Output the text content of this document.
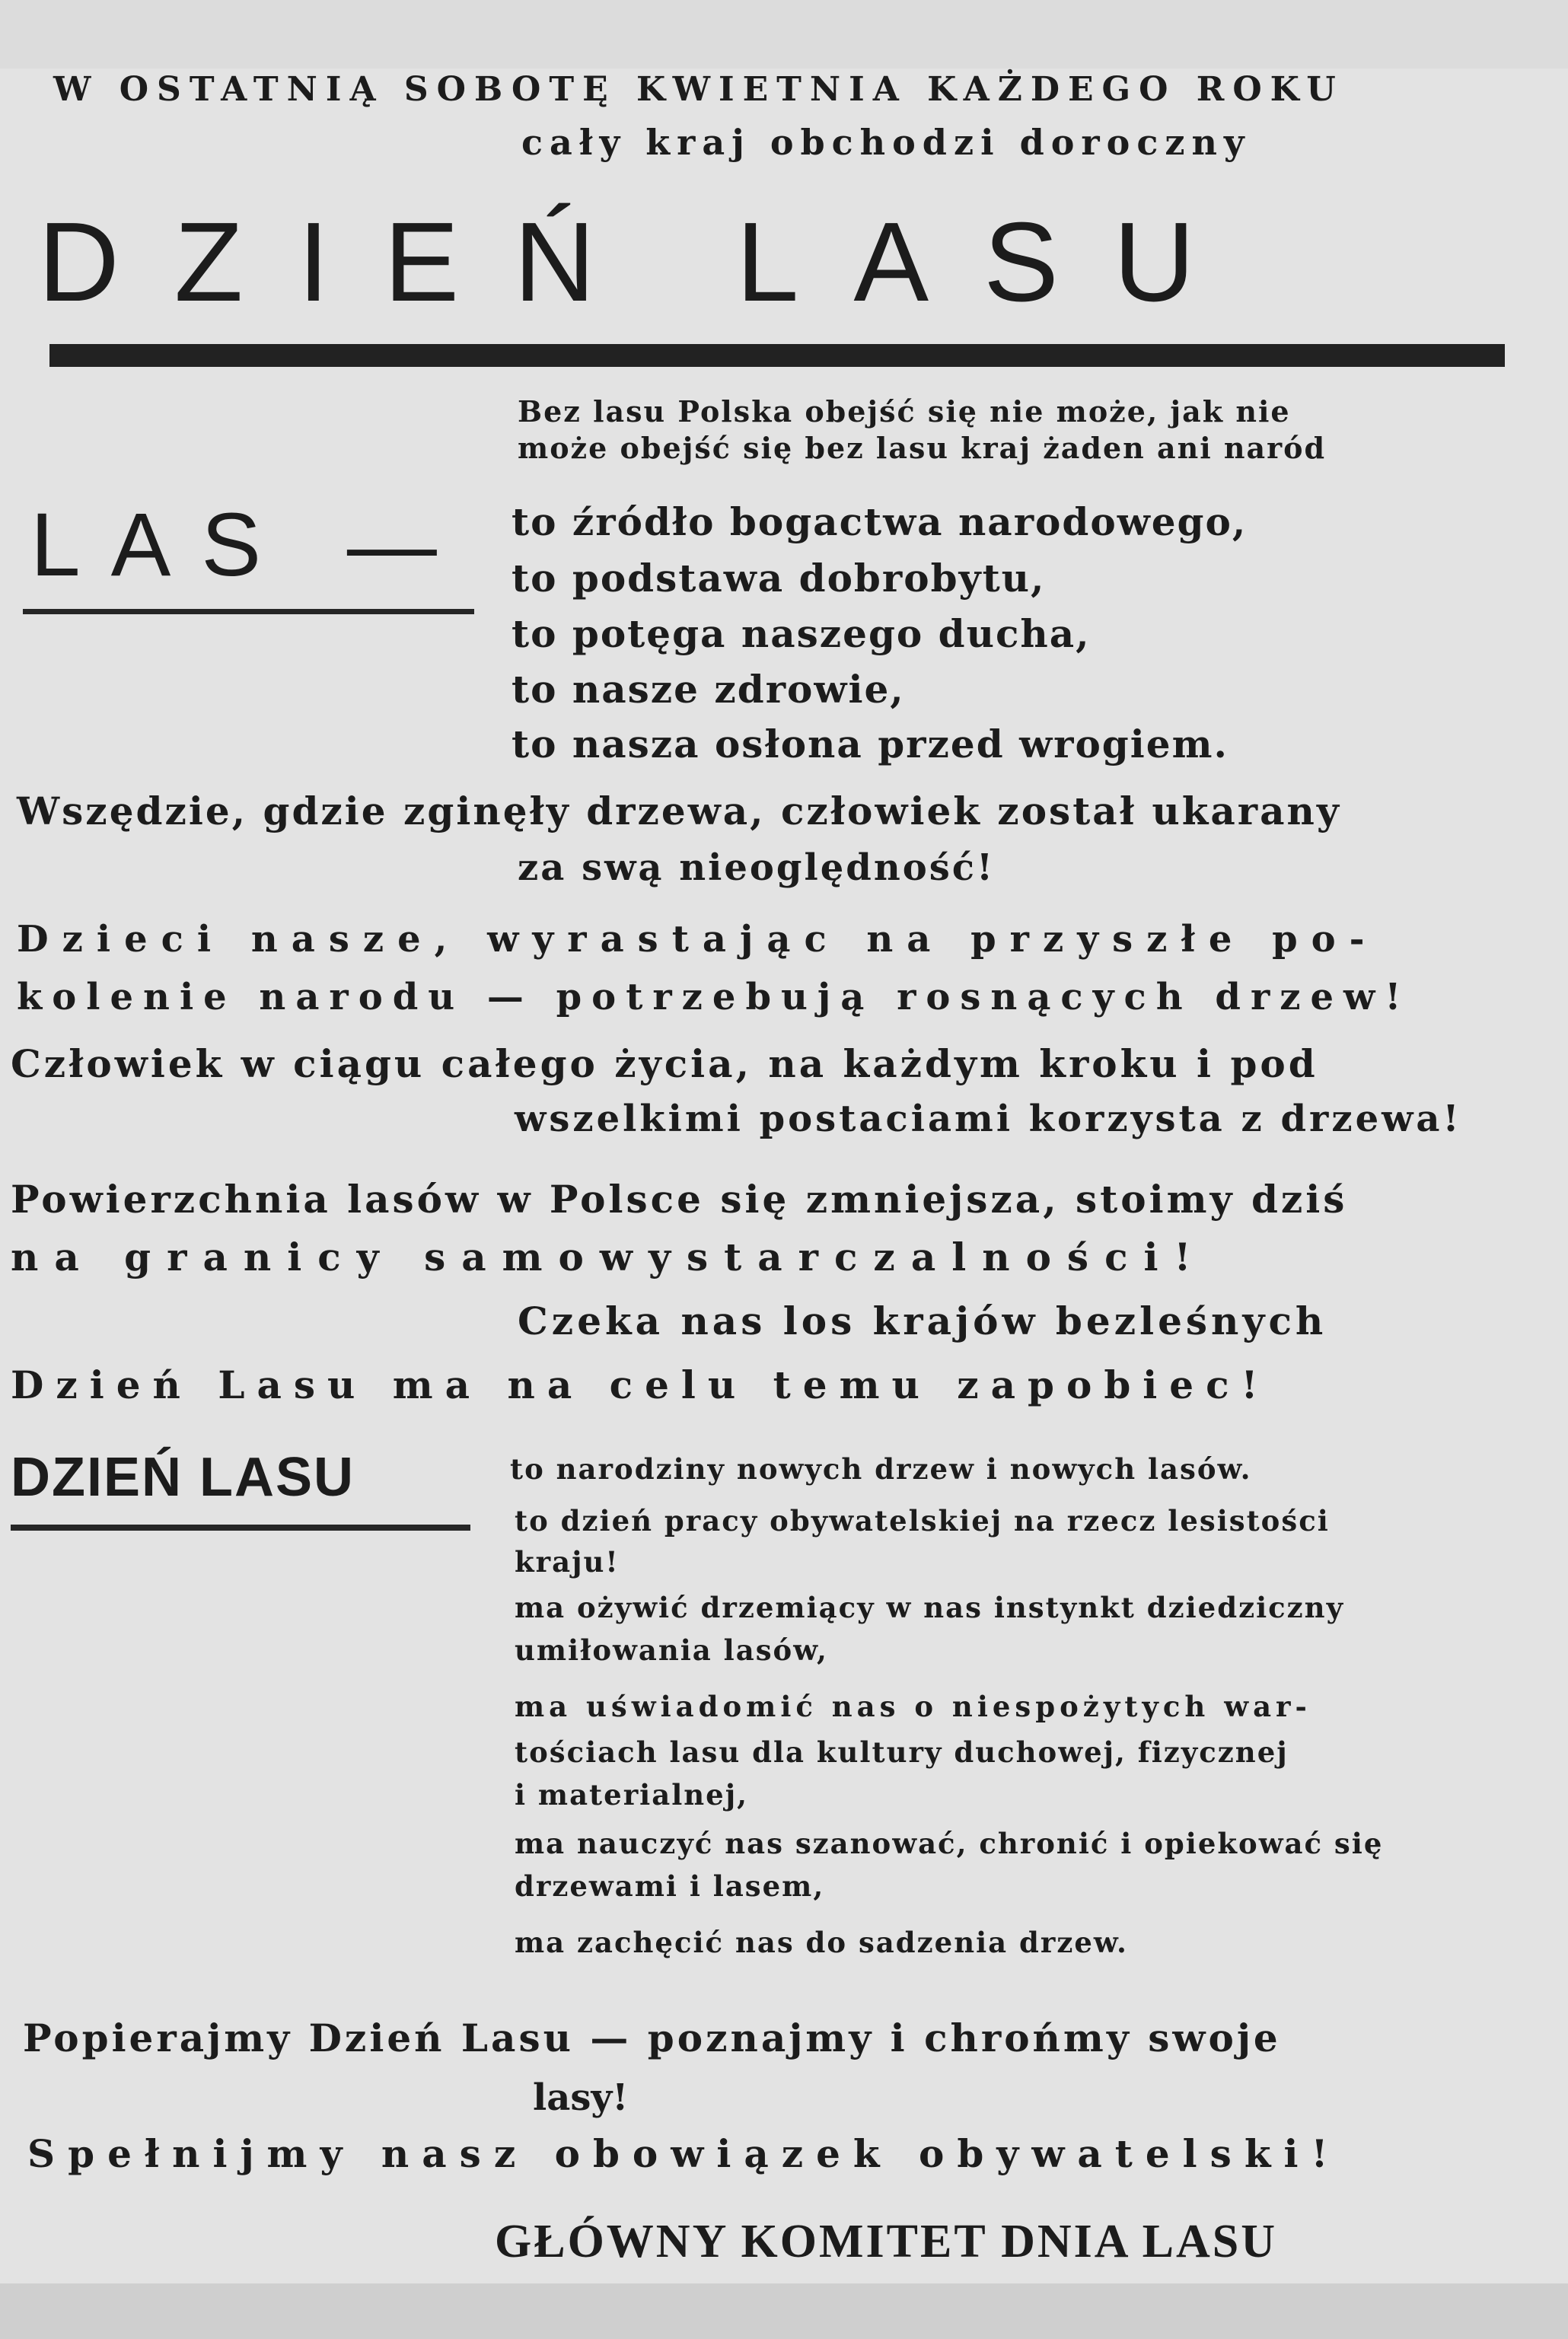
W OSTATNIĄ SOBOTĘ KWIETNIA KAŻDEGO ROKU
cały kraj obchodzi doroczny
DZIEŃ LASU
Bez lasu Polska obejść się nie może, jak nie
może obejść się bez lasu kraj żaden ani naród
LAS — to źródło bogactwa narodowego,
to podstawa dobrobytu,
to potęga naszego ducha,
to nasze zdrowie,
to nasza osłona przed wrogiem.
Wszędzie, gdzie zginęły drzewa, człowiek został ukarany
za swą nieoględność!
Dzieci nasze, wyrastając na przyszłe po-
kolenie narodu — potrzebują rosnących drzew!
Człowiek w ciągu całego życia, na każdym kroku i pod
wszelkimi postaciami korzysta z drzewa!
Powierzchnia lasów w Polsce się zmniejsza, stoimy dziś
na granicy samowystarczalności!
Czeka nas los krajów bezleśnych
Dzień Lasu ma na celu temu zapobiec!
DZIEŃ LASU	to narodziny nowych drzew i nowych lasów.
to dzień pracy obywatelskiej na rzecz lesistości
kraju!
ma ożywić drzemiący w nas instynkt dziedziczny
umiłowania lasów,
ma uświadomić nas o niespożytych war-
tościach lasu dla kultury duchowej, fizycznej
i materialnej,
ma nauczyć nas szanować, chronić i opiekować się
drzewami i lasem,
ma zachęcić nas do sadzenia drzew.
Popierajmy Dzień Lasu — poznajmy i chrońmy swoje
lasy!
Spełnijmy nasz obowiązek obywatelski!
GŁÓWNY KOMITET DNIA LASU
